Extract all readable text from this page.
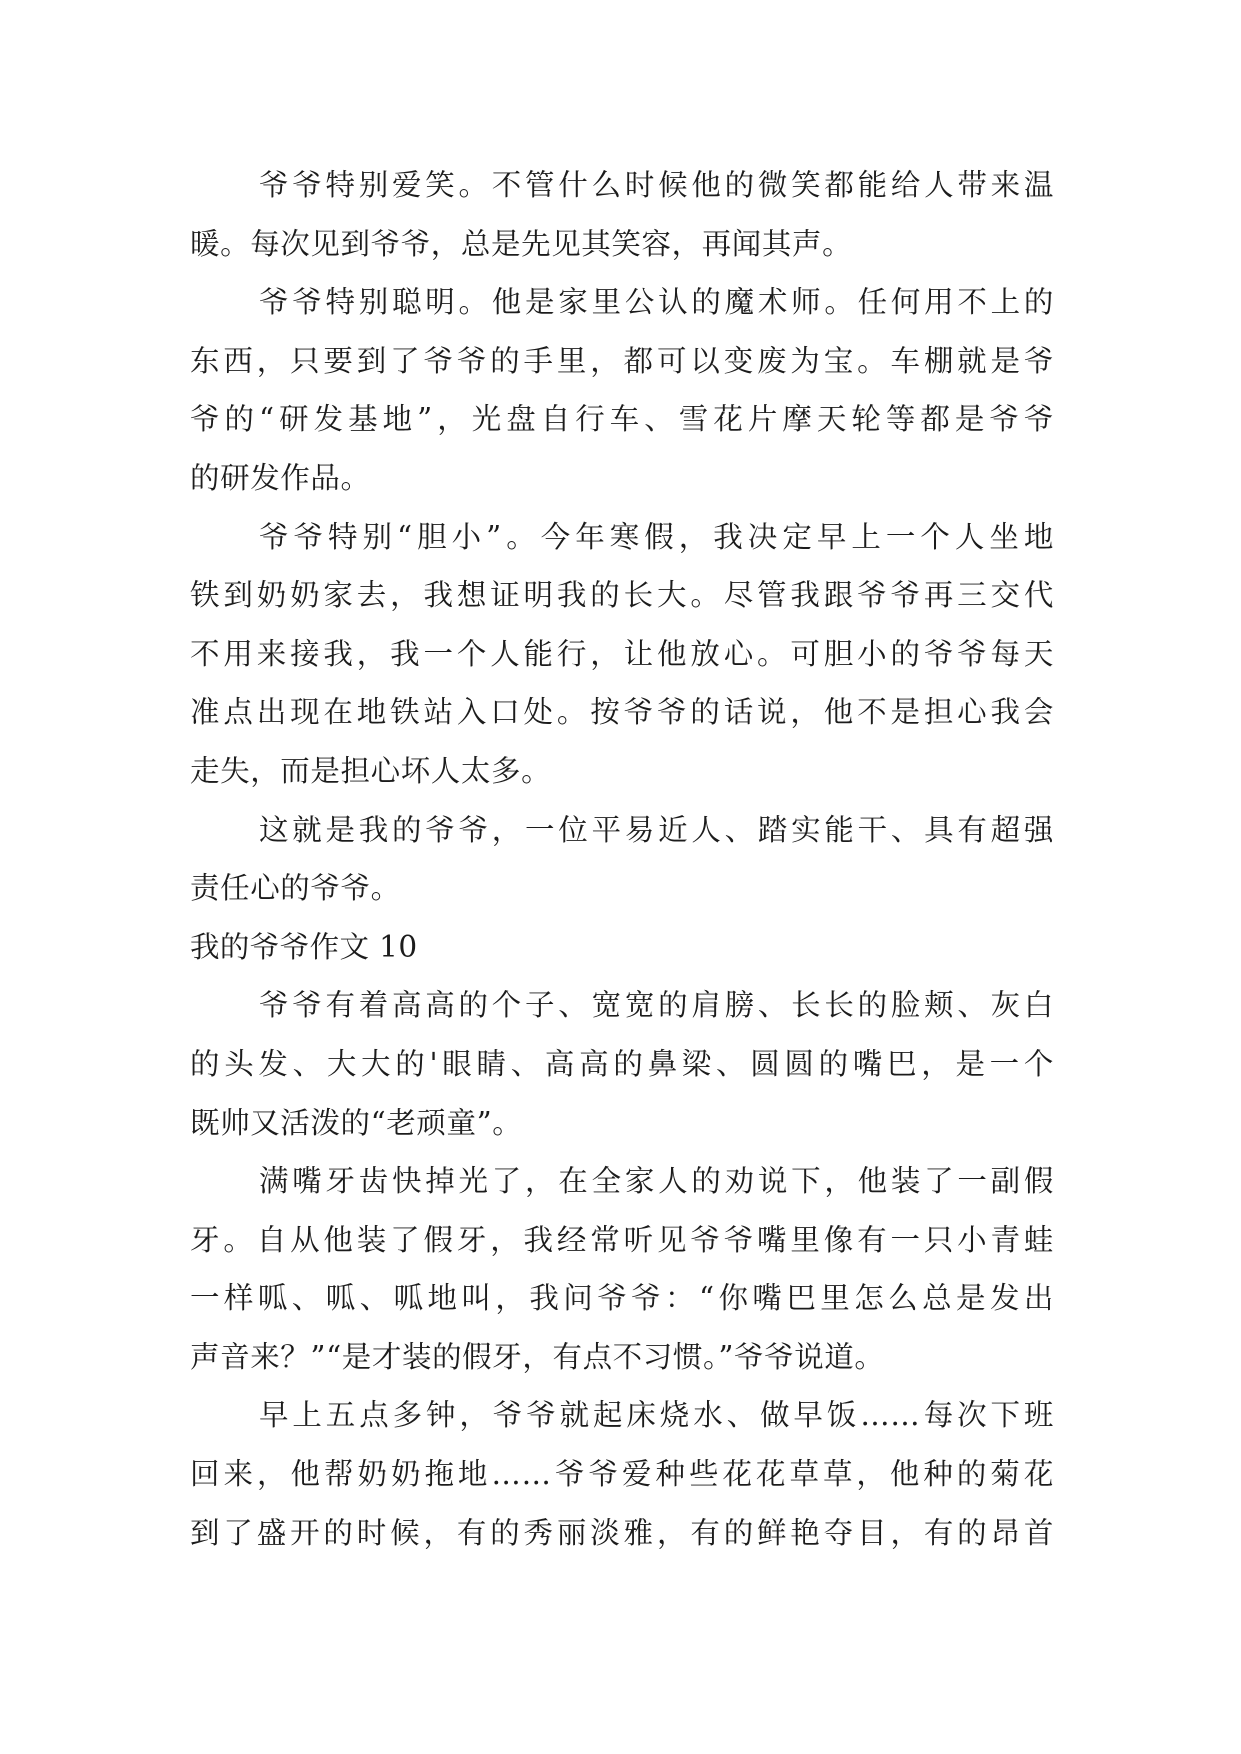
爷爷特别爱笑。不管什么时候他的微笑都能给人带来温
暖。每次见到爷爷，总是先见其笑容，再闻其声。
爷爷特别聪明。他是家里公认的魔术师。任何用不上的
东西，只要到了爷爷的手里，都可以变废为宝。车棚就是爷
爷的“研发基地”，光盘自行车、雪花片摩天轮等都是爷爷
的研发作品。
爷爷特别“胆小”。今年寒假，我决定早上一个人坐地
铁到奶奶家去，我想证明我的长大。尽管我跟爷爷再三交代
不用来接我，我一个人能行，让他放心。可胆小的爷爷每天
准点出现在地铁站入口处。按爷爷的话说，他不是担心我会
走失，而是担心坏人太多。
这就是我的爷爷，一位平易近人、踏实能干、具有超强
责任心的爷爷。
我的爷爷作文 10
爷爷有着高高的个子、宽宽的肩膀、长长的脸颊、灰白
的头发、大大的'眼睛、高高的鼻梁、圆圆的嘴巴，是一个
既帅又活泼的“老顽童”。
满嘴牙齿快掉光了，在全家人的劝说下，他装了一副假
牙。自从他装了假牙，我经常听见爷爷嘴里像有一只小青蛙
一样呱、呱、呱地叫，我问爷爷：“你嘴巴里怎么总是发出
声音来？”“是才装的假牙，有点不习惯。”爷爷说道。
早上五点多钟，爷爷就起床烧水、做早饭……每次下班
回来，他帮奶奶拖地……爷爷爱种些花花草草，他种的菊花
到了盛开的时候，有的秀丽淡雅，有的鲜艳夺目，有的昂首
